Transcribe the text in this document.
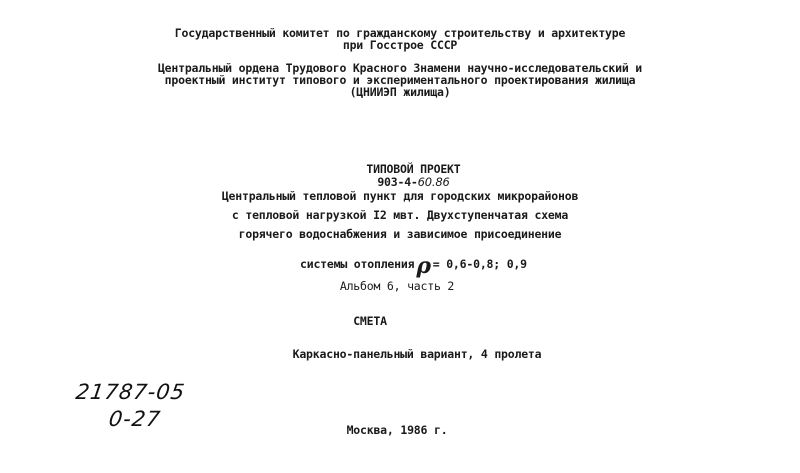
Государственный комитет по гражданскому строительству и архитектуре
при Госстрое СССР
Центральный ордена Трудового Красного Знамени научно-исследовательский и
проектный институт типового и экспериментального проектирования жилища
(ЦНИИЭП жилища)

ТИПОВОЙ ПРОЕКТ
903-4-60.86

Центральный тепловой пункт для городских микрорайонов
с тепловой нагрузкой I2 мвт. Двухступенчатая схема
горячего водоснабжения и зависимое присоединение

системы отопленияρ = 0,6-0,8; 0,9

Альбом 6, часть 2
СМЕТА
Каркасно-панельный вариант, 4 пролета
21787-05
0-27	Москва, 1986 г.
